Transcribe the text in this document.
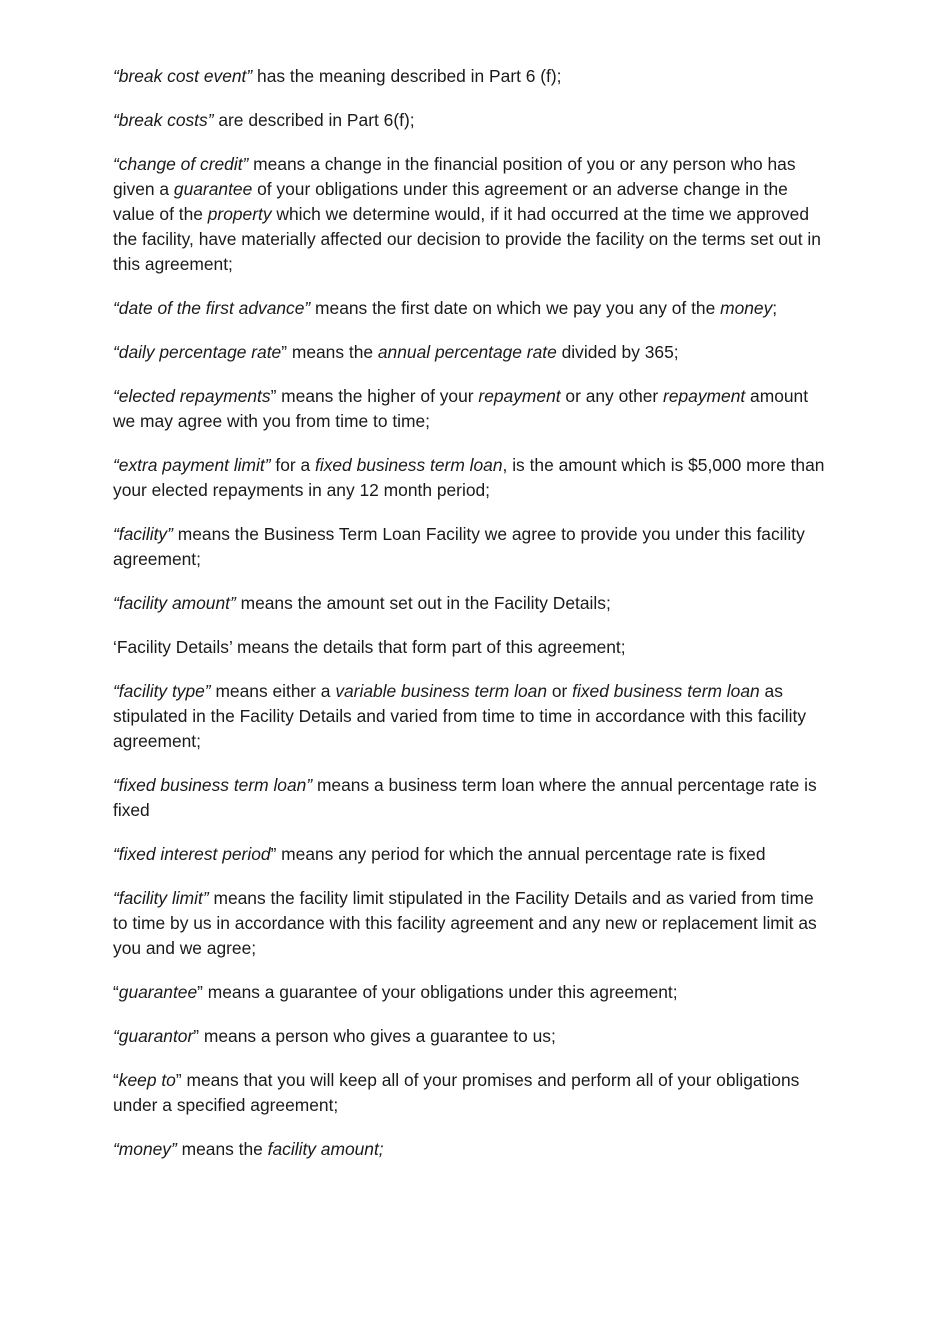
“break cost event” has the meaning described in Part 6 (f);

“break costs” are described in Part 6(f);

“change of credit” means a change in the financial position of you or any person who has given a guarantee of your obligations under this agreement or an adverse change in the value of the property which we determine would, if it had occurred at the time we approved the facility, have materially affected our decision to provide the facility on the terms set out in this agreement;

“date of the first advance” means the first date on which we pay you any of the money;

“daily percentage rate” means the annual percentage rate divided by 365;

“elected repayments” means the higher of your repayment or any other repayment amount we may agree with you from time to time;

“extra payment limit” for a fixed business term loan, is the amount which is $5,000 more than your elected repayments in any 12 month period;

“facility” means the Business Term Loan Facility we agree to provide you under this facility agreement;

“facility amount” means the amount set out in the Facility Details;

‘Facility Details’ means the details that form part of this agreement;

“facility type” means either a variable business term loan or fixed business term loan as stipulated in the Facility Details and varied from time to time in accordance with this facility agreement;

“fixed business term loan” means a business term loan where the annual percentage rate is fixed

“fixed interest period” means any period for which the annual percentage rate is fixed

“facility limit” means the facility limit stipulated in the Facility Details and as varied from time to time by us in accordance with this facility agreement and any new or replacement limit as you and we agree;

“guarantee” means a guarantee of your obligations under this agreement;

“guarantor” means a person who gives a guarantee to us;

“keep to” means that you will keep all of your promises and perform all of your obligations under a specified agreement;

“money” means the facility amount;
